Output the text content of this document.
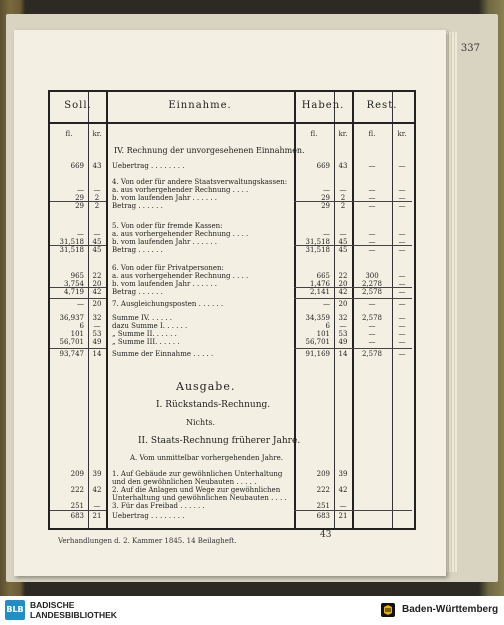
337
Soll.	Einnahme.	Haben.	Rest.
fl.	kr.	fl.	kr.	fl.	kr.
IV. Rechnung der unvorgesehenen Einnahmen.
Ausgabe.
I. Rückstands-Rechnung.
Nichts.
II. Staats-Rechnung früherer Jahre.
A. Vom unmittelbar vorhergehenden Jahre.
Uebertrag . . . . . . . .
669	43	669	43	—	—
4. Von oder für andere Staatsverwaltungskassen:
a. aus vorhergehender Rechnung . . . .
—	—	—	—	—	—
b. vom laufenden Jahr . . . . . .
29	2	29	2	—	—
Betrag . . . . . .
29	2	29	2	—	—
5. Von oder für fremde Kassen:
a. aus vorhergehender Rechnung . . . .
—	—	—	—	—	—
b. vom laufenden Jahr . . . . . .
31,518	45	31,518	45	—	—
Betrag . . . . . .
31,518	45	31,518	45	—	—
6. Von oder für Privatpersonen:
a. aus vorhergehender Rechnung . . . .
965	22	665	22	300	—
b. vom laufenden Jahr . . . . . .
3,754	20	1,476	20	2,278	—
Betrag . . . . . .
4,719	42	2,141	42	2,578	—
7. Ausgleichungsposten . . . . . .
—	20	—	20	—	—
Summe IV. . . . . .
36,937	32	34,359	32	2,578	—
dazu Summe I. . . . . .
6	—	6	—	—	—
„ Summe II. . . . . .
101	53	101	53	—	—
„ Summe III. . . . . .
56,701	49	56,701	49	—	—
Summe der Einnahme . . . . .
93,747	14	91,169	14	2,578	—
1. Auf Gebäude zur gewöhnlichen Unterhaltung und den gewöhnlichen Neubauten . . . . .
209	39	209	39
2. Auf die Anlagen und Wege zur gewöhnlichen Unterhaltung und gewöhnlichen Neubauten . . . .
222	42	222	42
3. Für das Freibad . . . . . .
251	—	251	—
Uebertrag . . . . . . . .
683	21	683	21
43
Verhandlungen d. 2. Kammer 1845. 14 Beilagheft.
BLB BADISCHE
LANDESBIBLIOTHEK	Baden-Württemberg
